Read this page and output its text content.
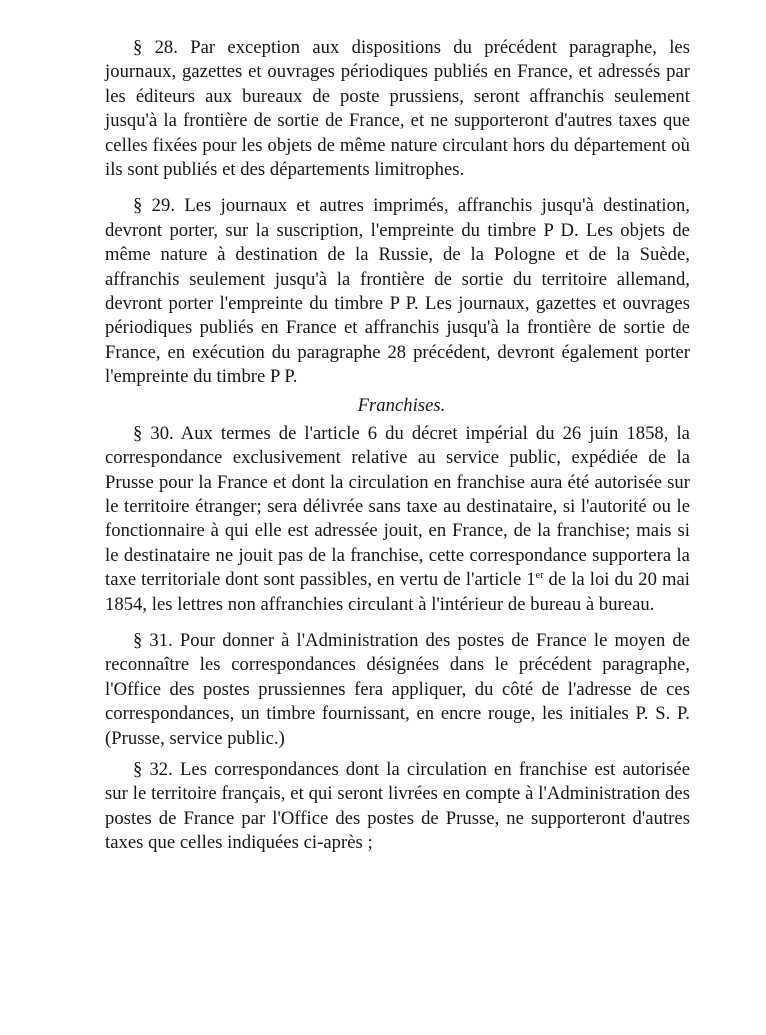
§ 28. Par exception aux dispositions du précédent paragraphe, les journaux, gazettes et ouvrages périodiques publiés en France, et adressés par les éditeurs aux bureaux de poste prussiens, seront affranchis seulement jusqu'à la frontière de sortie de France, et ne supporteront d'autres taxes que celles fixées pour les objets de même nature circulant hors du département où ils sont publiés et des départements limitrophes.

§ 29. Les journaux et autres imprimés, affranchis jusqu'à destination, devront porter, sur la suscription, l'empreinte du timbre P D. Les objets de même nature à destination de la Russie, de la Pologne et de la Suède, affranchis seulement jusqu'à la frontière de sortie du territoire allemand, devront porter l'empreinte du timbre P P. Les journaux, gazettes et ouvrages périodiques publiés en France et affranchis jusqu'à la frontière de sortie de France, en exécution du paragraphe 28 précédent, devront également porter l'empreinte du timbre P P.

Franchises.

§ 30. Aux termes de l'article 6 du décret impérial du 26 juin 1858, la correspondance exclusivement relative au service public, expédiée de la Prusse pour la France et dont la circulation en franchise aura été autorisée sur le territoire étranger; sera délivrée sans taxe au destinataire, si l'autorité ou le fonctionnaire à qui elle est adressée jouit, en France, de la franchise; mais si le destinataire ne jouit pas de la franchise, cette correspondance supportera la taxe territoriale dont sont passibles, en vertu de l'article 1er de la loi du 20 mai 1854, les lettres non affranchies circulant à l'intérieur de bureau à bureau.

§ 31. Pour donner à l'Administration des postes de France le moyen de reconnaître les correspondances désignées dans le précédent paragraphe, l'Office des postes prussiennes fera appliquer, du côté de l'adresse de ces correspondances, un timbre fournissant, en encre rouge, les initiales P. S. P. (Prusse, service public.)

§ 32. Les correspondances dont la circulation en franchise est autorisée sur le territoire français, et qui seront livrées en compte à l'Administration des postes de France par l'Office des postes de Prusse, ne supporteront d'autres taxes que celles indiquées ci-après ;
